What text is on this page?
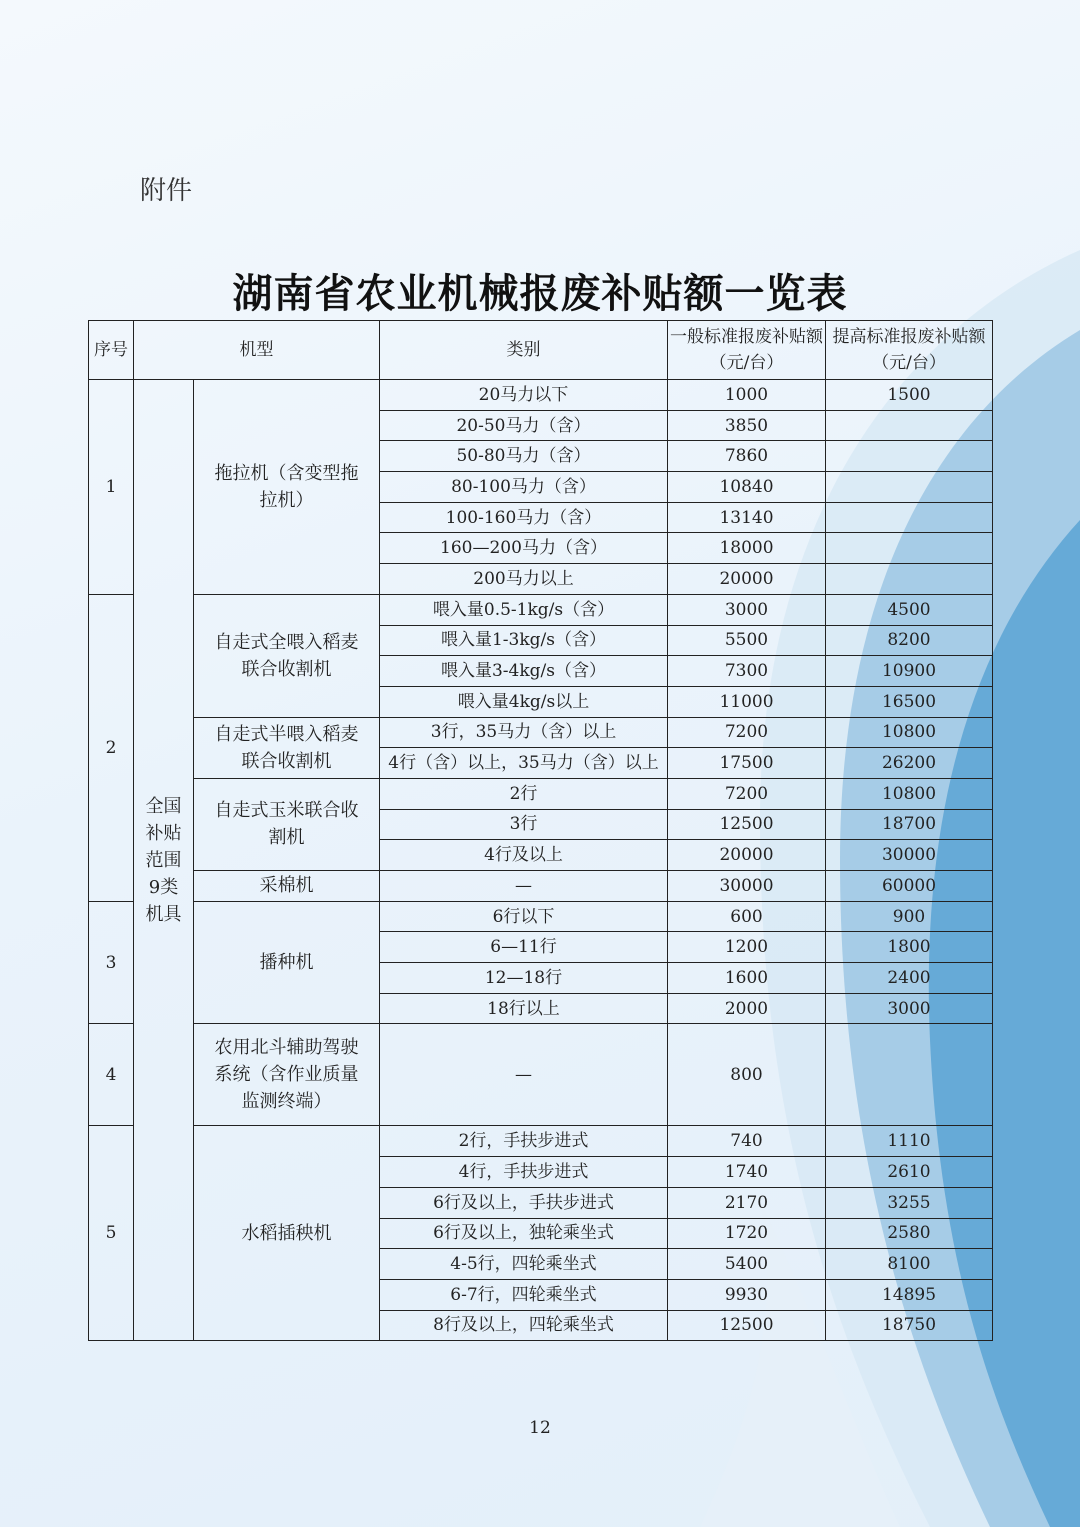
附件
湖南省农业机械报废补贴额一览表
序号	机型		类别	一般标准报废补贴额（元/台）	提高标准报废补贴额（元/台）
1	全国补贴范围9类机具	拖拉机（含变型拖拉机）	20马力以下	1000	1500
			20-50马力（含）	3850	
			50-80马力（含）	7860	
			80-100马力（含）	10840	
			100-160马力（含）	13140	
			160—200马力（含）	18000	
			200马力以上	20000	
2		自走式全喂入稻麦联合收割机	喂入量0.5-1kg/s（含）	3000	4500
			喂入量1-3kg/s（含）	5500	8200
			喂入量3-4kg/s（含）	7300	10900
			喂入量4kg/s以上	11000	16500
		自走式半喂入稻麦联合收割机	3行，35马力（含）以上	7200	10800
			4行（含）以上，35马力（含）以上	17500	26200
		自走式玉米联合收割机	2行	7200	10800
			3行	12500	18700
			4行及以上	20000	30000
		采棉机	—	30000	60000
3		播种机	6行以下	600	900
			6—11行	1200	1800
			12—18行	1600	2400
			18行以上	2000	3000
4		农用北斗辅助驾驶系统（含作业质量监测终端）	—	800	
5		水稻插秧机	2行，手扶步进式	740	1110
			4行，手扶步进式	1740	2610
			6行及以上，手扶步进式	2170	3255
			6行及以上，独轮乘坐式	1720	2580
			4-5行，四轮乘坐式	5400	8100
			6-7行，四轮乘坐式	9930	14895
			8行及以上，四轮乘坐式	12500	18750
12
